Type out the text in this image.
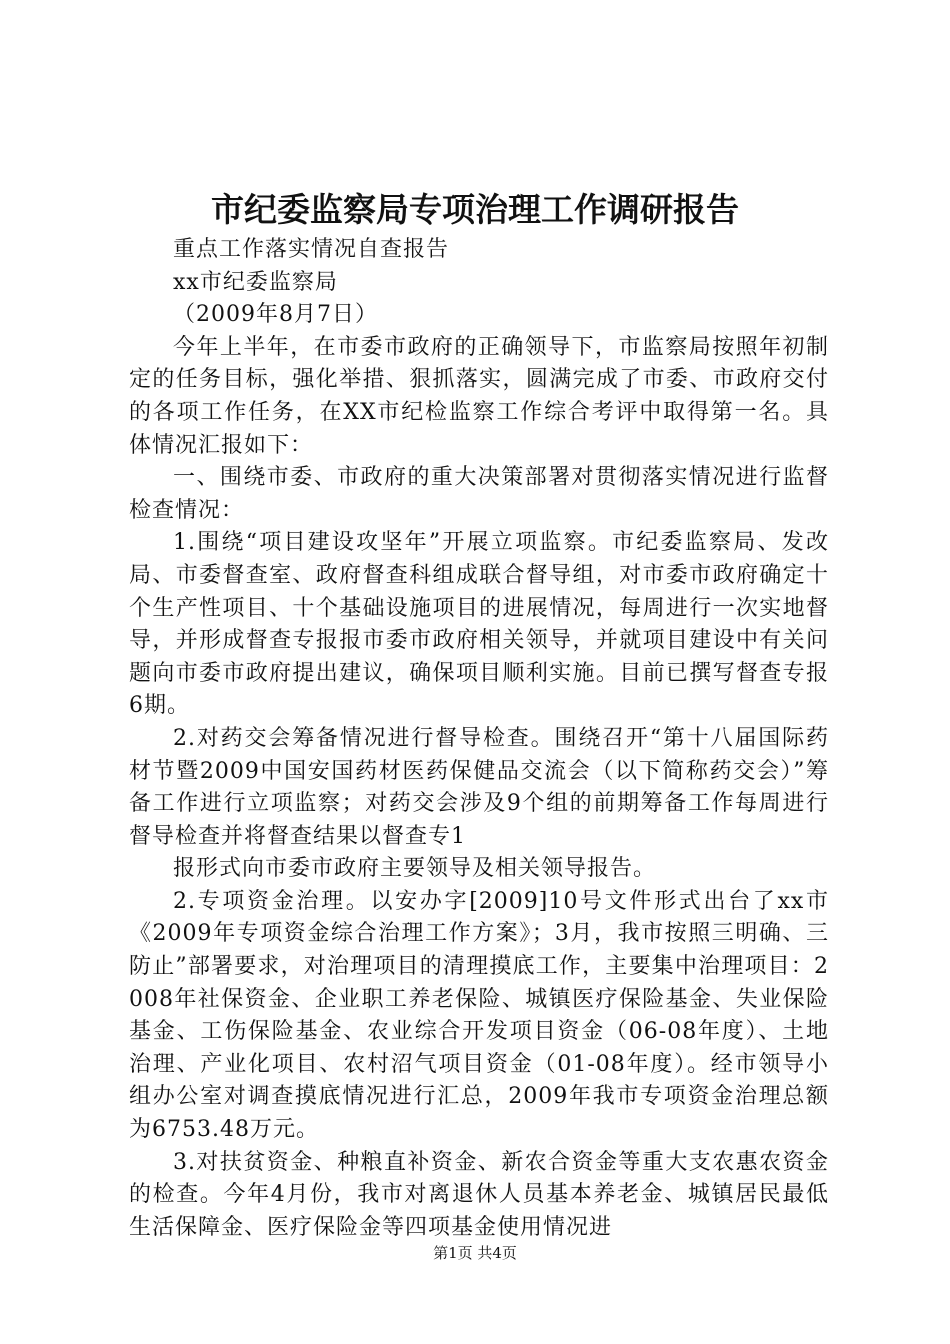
市纪委监察局专项治理工作调研报告

重点工作落实情况自查报告

xx市纪委监察局

（2009年8月7日）

今年上半年，在市委市政府的正确领导下，市监察局按照年初制定的任务目标，强化举措、狠抓落实，圆满完成了市委、市政府交付的各项工作任务，在XX市纪检监察工作综合考评中取得第一名。具体情况汇报如下：

一、围绕市委、市政府的重大决策部署对贯彻落实情况进行监督检查情况：

1.围绕“项目建设攻坚年”开展立项监察。市纪委监察局、发改局、市委督查室、政府督查科组成联合督导组，对市委市政府确定十个生产性项目、十个基础设施项目的进展情况，每周进行一次实地督导，并形成督查专报报市委市政府相关领导，并就项目建设中有关问题向市委市政府提出建议，确保项目顺利实施。目前已撰写督查专报6期。

2.对药交会筹备情况进行督导检查。围绕召开“第十八届国际药材节暨2009中国安国药材医药保健品交流会（以下简称药交会）”筹备工作进行立项监察；对药交会涉及9个组的前期筹备工作每周进行督导检查并将督查结果以督查专1

报形式向市委市政府主要领导及相关领导报告。

2.专项资金治理。以安办字[2009]10号文件形式出台了xx市《2009年专项资金综合治理工作方案》；3月，我市按照三明确、三防止”部署要求，对治理项目的清理摸底工作，主要集中治理项目：2008年社保资金、企业职工养老保险、城镇医疗保险基金、失业保险基金、工伤保险基金、农业综合开发项目资金（06-08年度）、土地治理、产业化项目、农村沼气项目资金（01-08年度）。经市领导小组办公室对调查摸底情况进行汇总，2009年我市专项资金治理总额为6753.48万元。

3.对扶贫资金、种粮直补资金、新农合资金等重大支农惠农资金的检查。今年4月份，我市对离退休人员基本养老金、城镇居民最低生活保障金、医疗保险金等四项基金使用情况进

第1页 共4页
